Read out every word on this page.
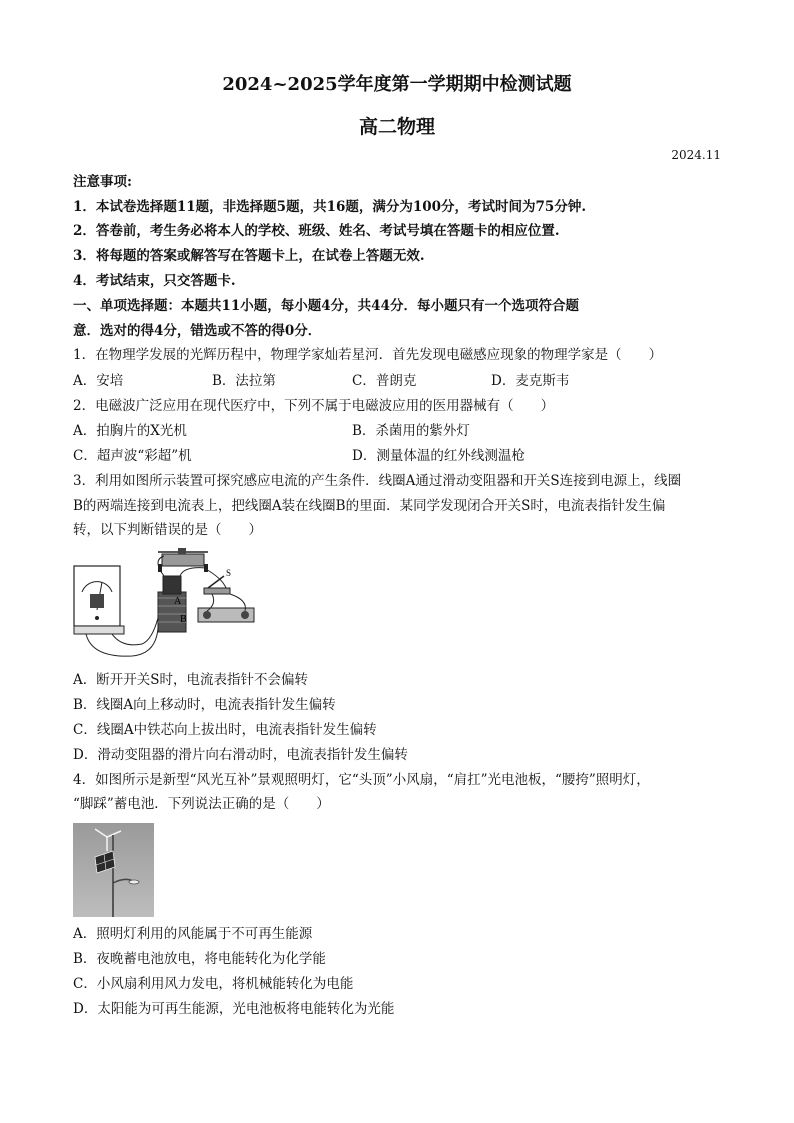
2024~2025学年度第一学期期中检测试题
高二物理
2024.11
注意事项:
1．本试卷选择题11题，非选择题5题，共16题，满分为100分，考试时间为75分钟.
2．答卷前，考生务必将本人的学校、班级、姓名、考试号填在答题卡的相应位置.
3．将每题的答案或解答写在答题卡上，在试卷上答题无效.
4．考试结束，只交答题卡.
一、单项选择题：本题共11小题，每小题4分，共44分．每小题只有一个选项符合题
意．选对的得4分，错选或不答的得0分．
1．在物理学发展的光辉历程中，物理学家灿若星河．首先发现电磁感应现象的物理学家是（　　）
A．安培	B．法拉第	C．普朗克	D．麦克斯韦
2．电磁波广泛应用在现代医疗中，下列不属于电磁波应用的医用器械有（　　）
A．拍胸片的X光机	B．杀菌用的紫外灯
C．超声波“彩超”机	D．测量体温的红外线测温枪
3．利用如图所示装置可探究感应电流的产生条件．线圈A通过滑动变阻器和开关S连接到电源上，线圈
B的两端连接到电流表上，把线圈A装在线圈B的里面．某同学发现闭合开关S时，电流表指针发生偏
转，以下判断错误的是（　　）
A
B
S
A．断开开关S时，电流表指针不会偏转
B．线圈A向上移动时，电流表指针发生偏转
C．线圈A中铁芯向上拔出时，电流表指针发生偏转
D．滑动变阻器的滑片向右滑动时，电流表指针发生偏转
4．如图所示是新型“风光互补”景观照明灯，它“头顶”小风扇，“肩扛”光电池板，“腰挎”照明灯，
“脚踩”蓄电池．下列说法正确的是（　　）
A．照明灯利用的风能属于不可再生能源
B．夜晚蓄电池放电，将电能转化为化学能
C．小风扇利用风力发电，将机械能转化为电能
D．太阳能为可再生能源，光电池板将电能转化为光能
